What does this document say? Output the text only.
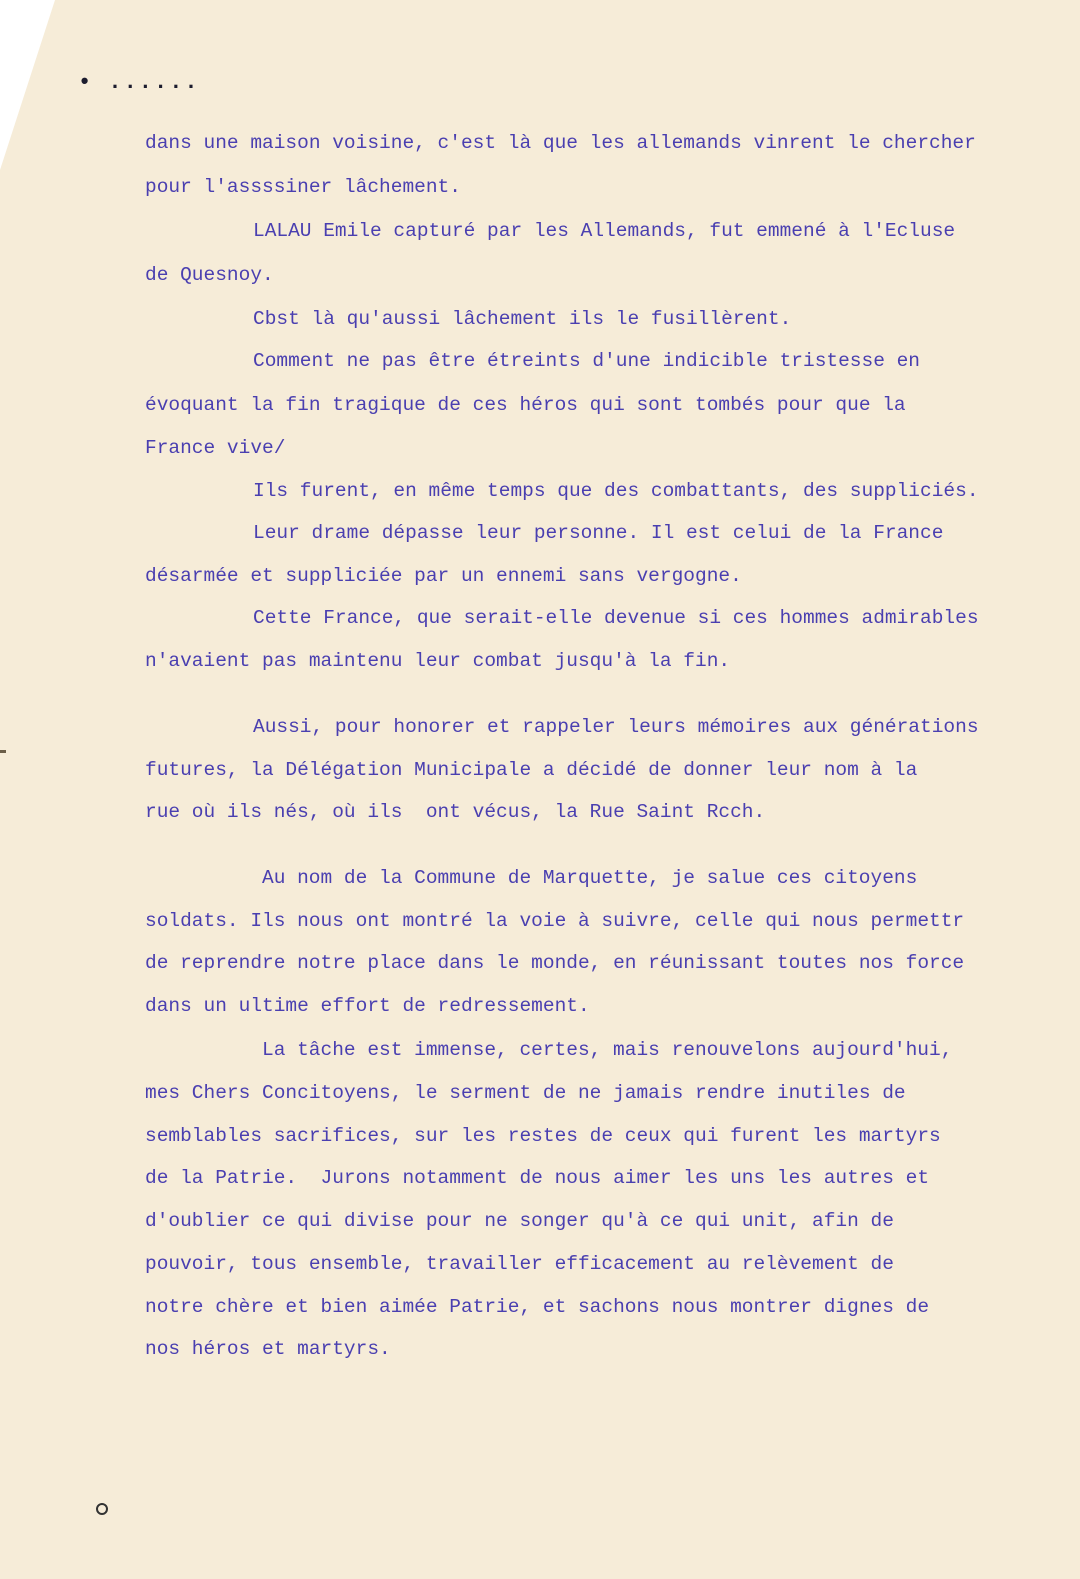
• ......

dans une maison voisine, c'est là que les allemands vinrent le chercher

pour l'assssiner lâchement.

LALAU Emile capturé par les Allemands, fut emmené à l'Ecluse

de Quesnoy.

Cbst là qu'aussi lâchement ils le fusillèrent.

Comment ne pas être étreints d'une indicible tristesse en

évoquant la fin tragique de ces héros qui sont tombés pour que la

France vive/

Ils furent, en même temps que des combattants, des suppliciés.

Leur drame dépasse leur personne. Il est celui de la France

désarmée et suppliciée par un ennemi sans vergogne.

Cette France, que serait-elle devenue si ces hommes admirables

n'avaient pas maintenu leur combat jusqu'à la fin.

Aussi, pour honorer et rappeler leurs mémoires aux générations

futures, la Délégation Municipale a décidé de donner leur nom à la

rue où ils nés, où ils  ont vécus, la Rue Saint Rcch.

Au nom de la Commune de Marquette, je salue ces citoyens

soldats. Ils nous ont montré la voie à suivre, celle qui nous permettr

de reprendre notre place dans le monde, en réunissant toutes nos force

dans un ultime effort de redressement.

La tâche est immense, certes, mais renouvelons aujourd'hui,

mes Chers Concitoyens, le serment de ne jamais rendre inutiles de

semblables sacrifices, sur les restes de ceux qui furent les martyrs

de la Patrie.  Jurons notamment de nous aimer les uns les autres et

d'oublier ce qui divise pour ne songer qu'à ce qui unit, afin de

pouvoir, tous ensemble, travailler efficacement au relèvement de

notre chère et bien aimée Patrie, et sachons nous montrer dignes de

nos héros et martyrs.
